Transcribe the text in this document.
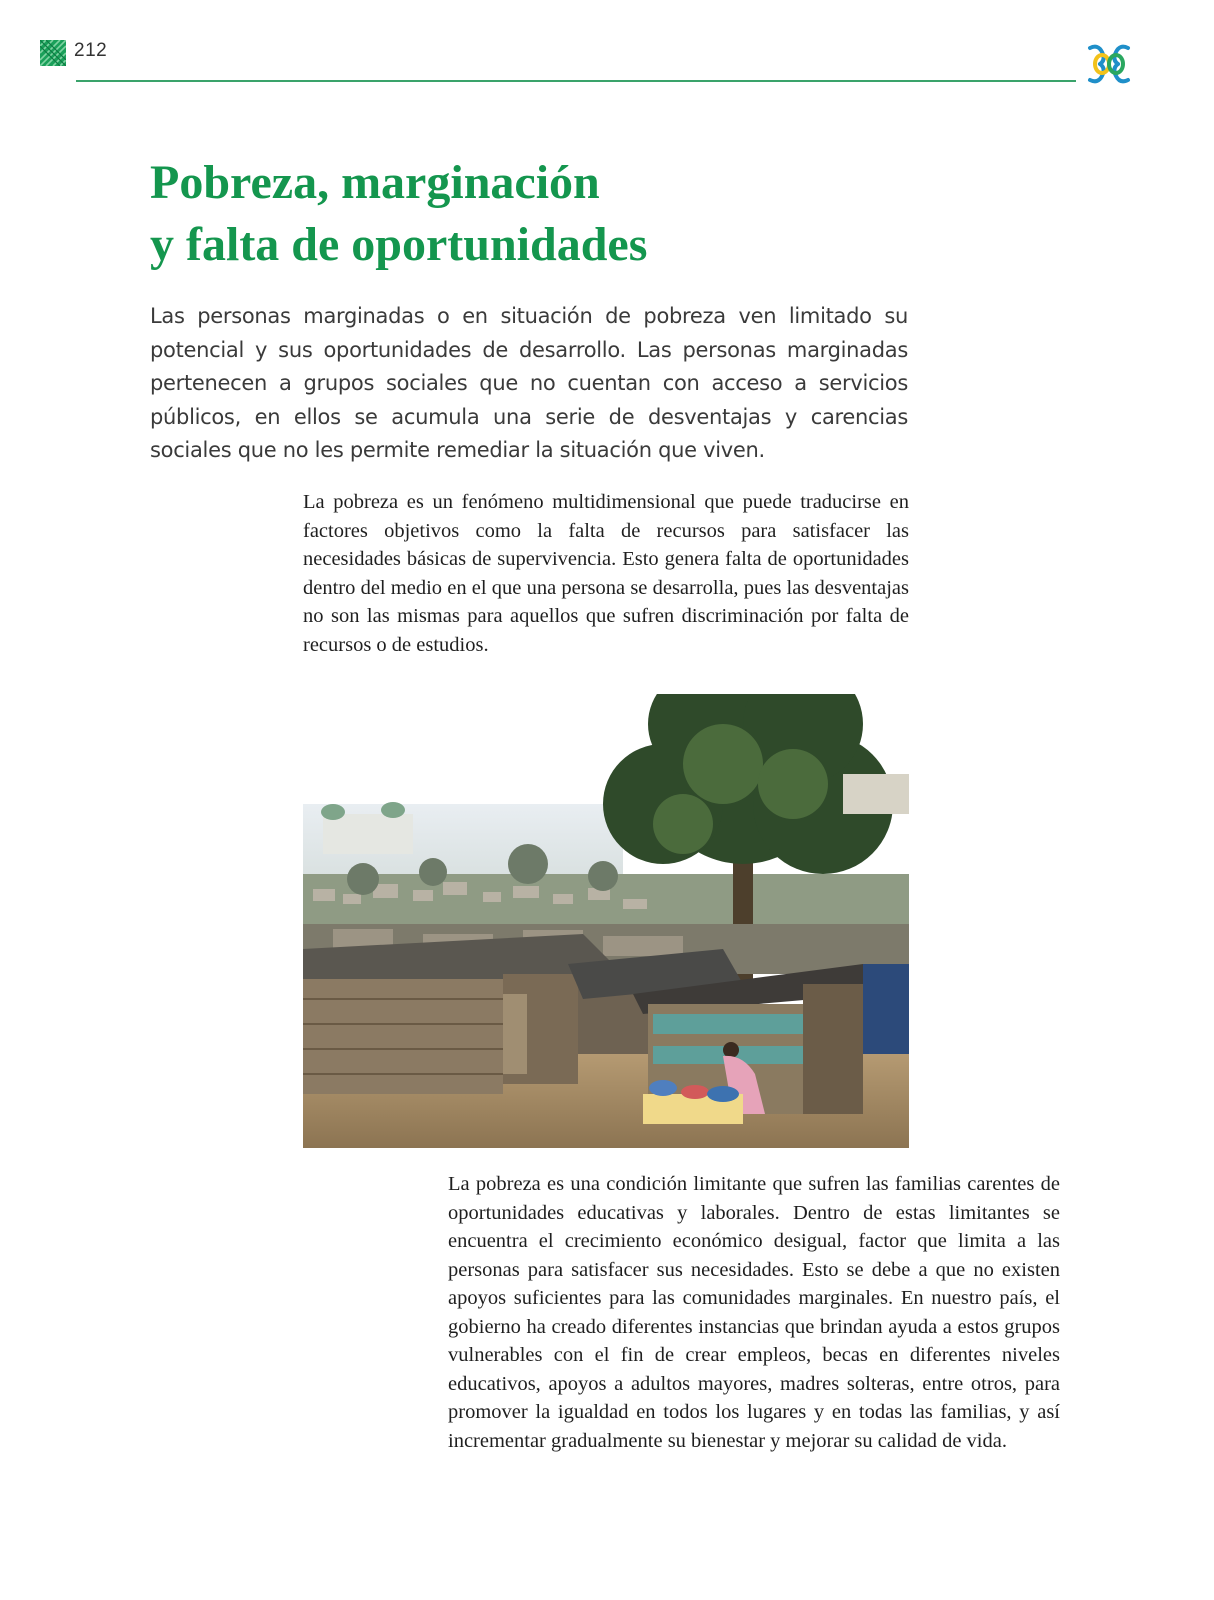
212
Pobreza, marginación
y falta de oportunidades

Las personas marginadas o en situación de pobreza ven limitado su potencial y sus oportunidades de desarrollo. Las personas marginadas pertenecen a grupos sociales que no cuentan con acceso a servicios públicos, en ellos se acumula una serie de desventajas y carencias sociales que no les permite remediar la situación que viven.

La pobreza es un fenómeno multidimensional que puede traducirse en factores objetivos como la falta de recursos para satisfacer las necesidades básicas de supervivencia. Esto genera falta de oportunidades dentro del medio en el que una persona se desarrolla, pues las desventajas no son las mismas para aquellos que sufren discriminación por falta de recursos o de estudios.

La pobreza es una condición limitante que sufren las familias carentes de oportunidades educativas y laborales. Dentro de estas limitantes se encuentra el crecimiento económico desigual, factor que limita a las personas para satisfacer sus necesidades. Esto se debe a que no existen apoyos suficientes para las comunidades marginales. En nuestro país, el gobierno ha creado diferentes instancias que brindan ayuda a estos grupos vulnerables con el fin de crear empleos, becas en diferentes niveles educativos, apoyos a adultos mayores, madres solteras, entre otros, para promover la igualdad en todos los lugares y en todas las familias, y así incrementar gradualmente su bienestar y mejorar su calidad de vida.
